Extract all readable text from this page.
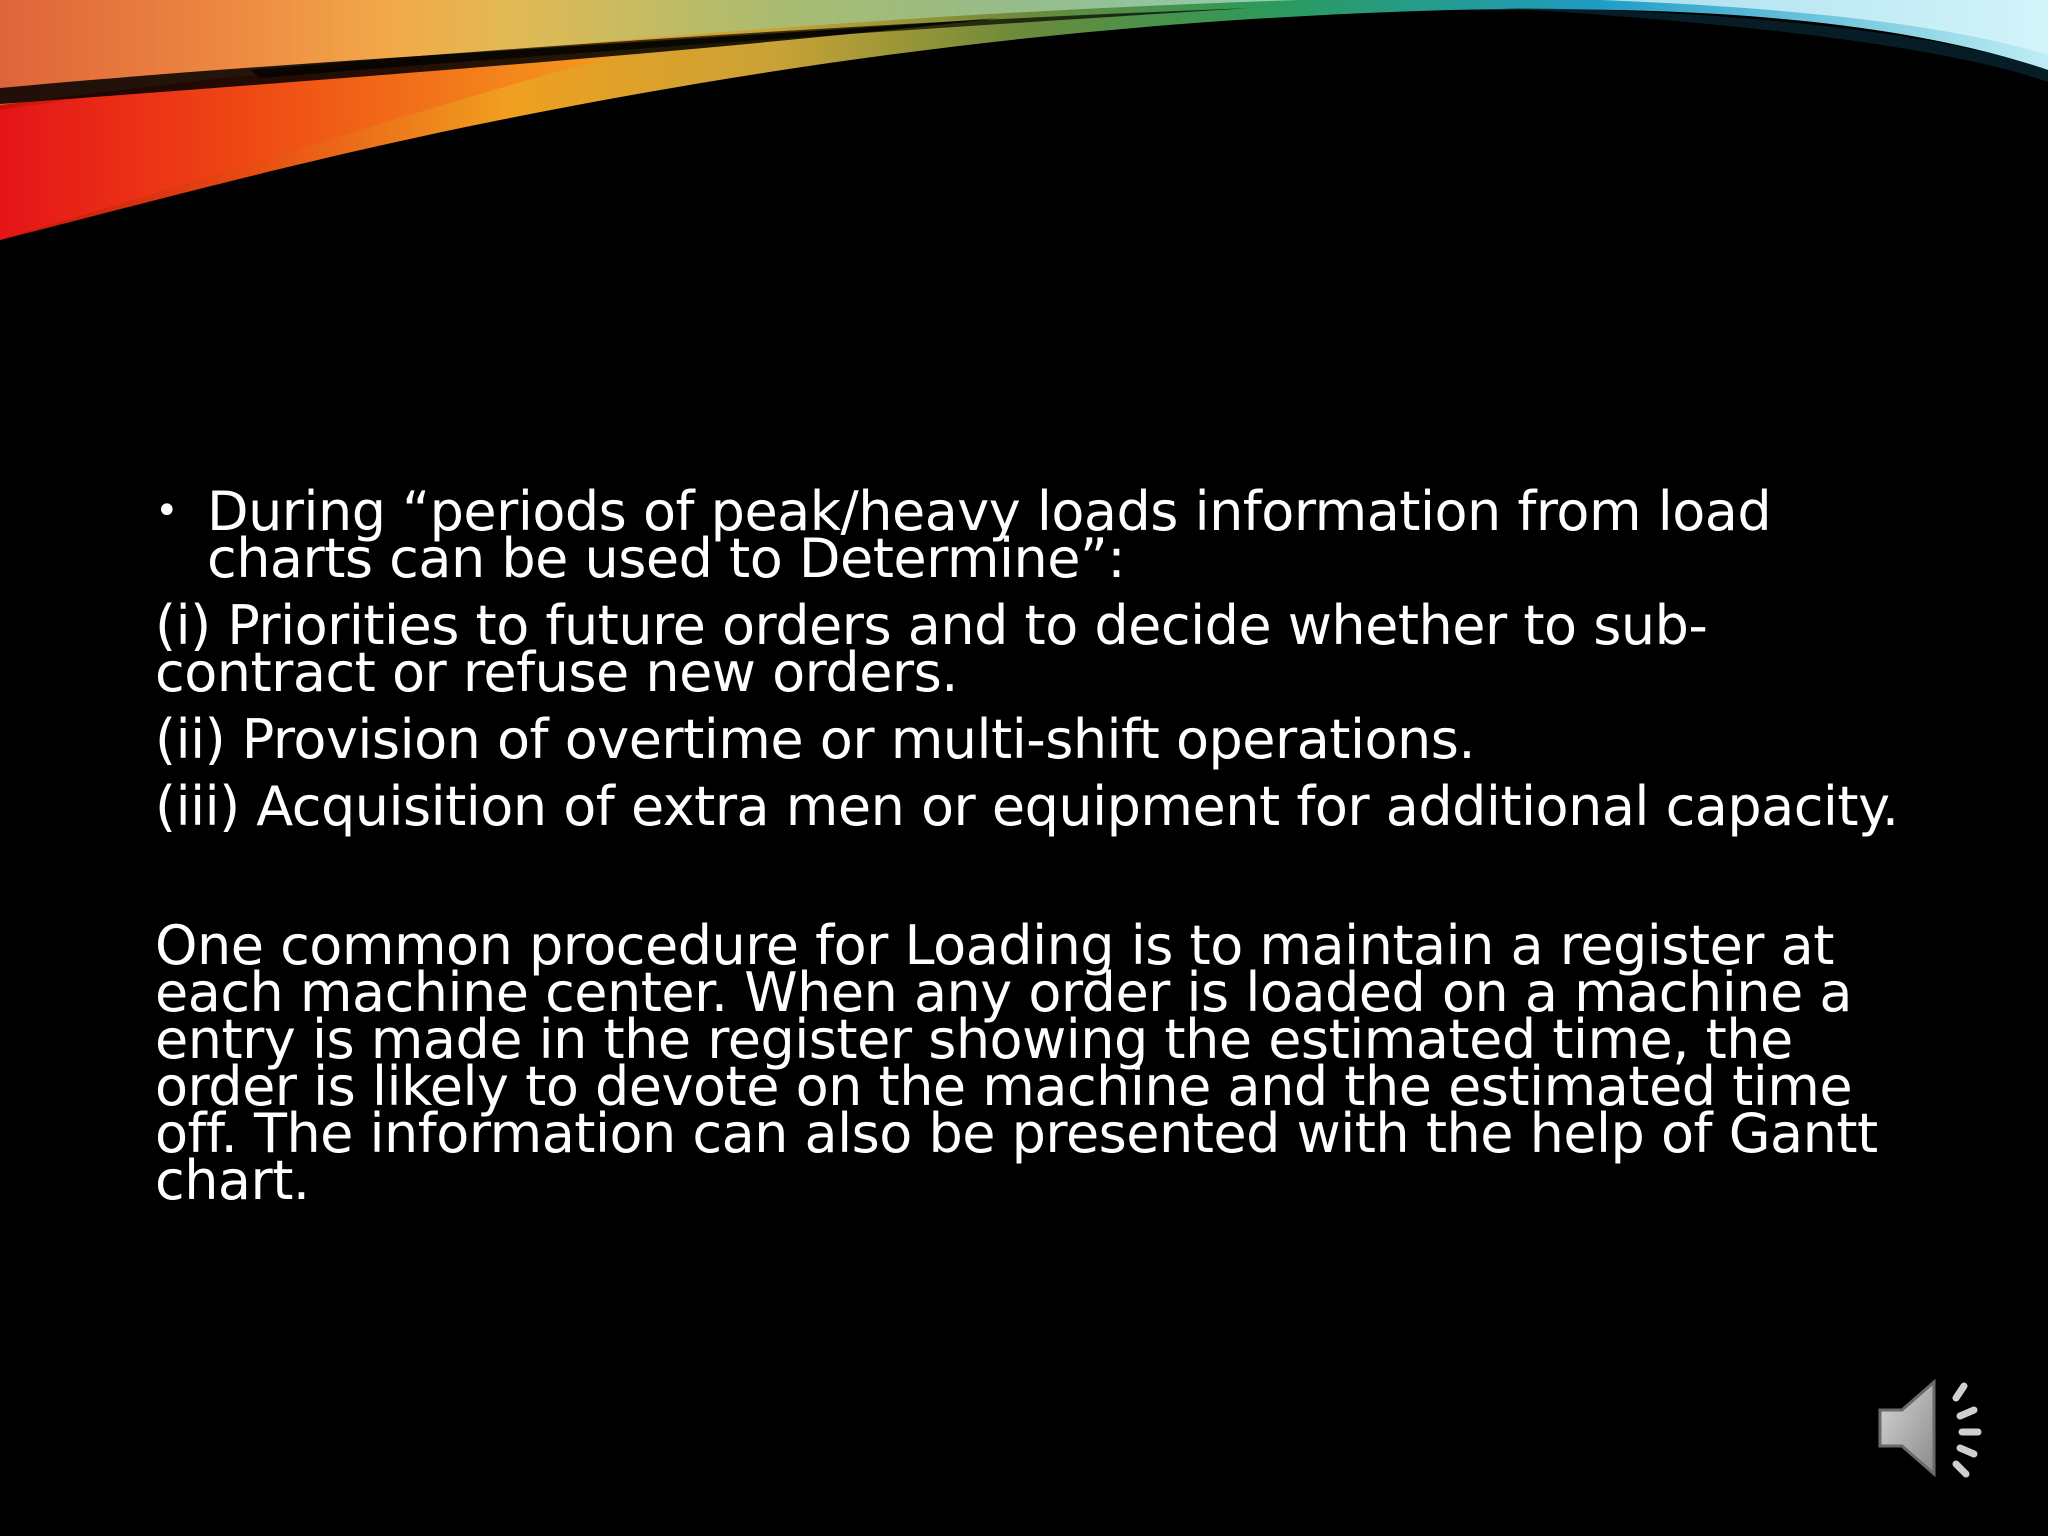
• During “periods of peak/heavy loads information from load charts can be used to Determine”:
(i) Priorities to future orders and to decide whether to sub-contract or refuse new orders.
(ii) Provision of overtime or multi-shift operations.
(iii) Acquisition of extra men or equipment for additional capacity.
One common procedure for Loading is to maintain a register at each machine center. When any order is loaded on a machine a entry is made in the register showing the estimated time, the order is likely to devote on the machine and the estimated time off. The information can also be presented with the help of Gantt chart.
